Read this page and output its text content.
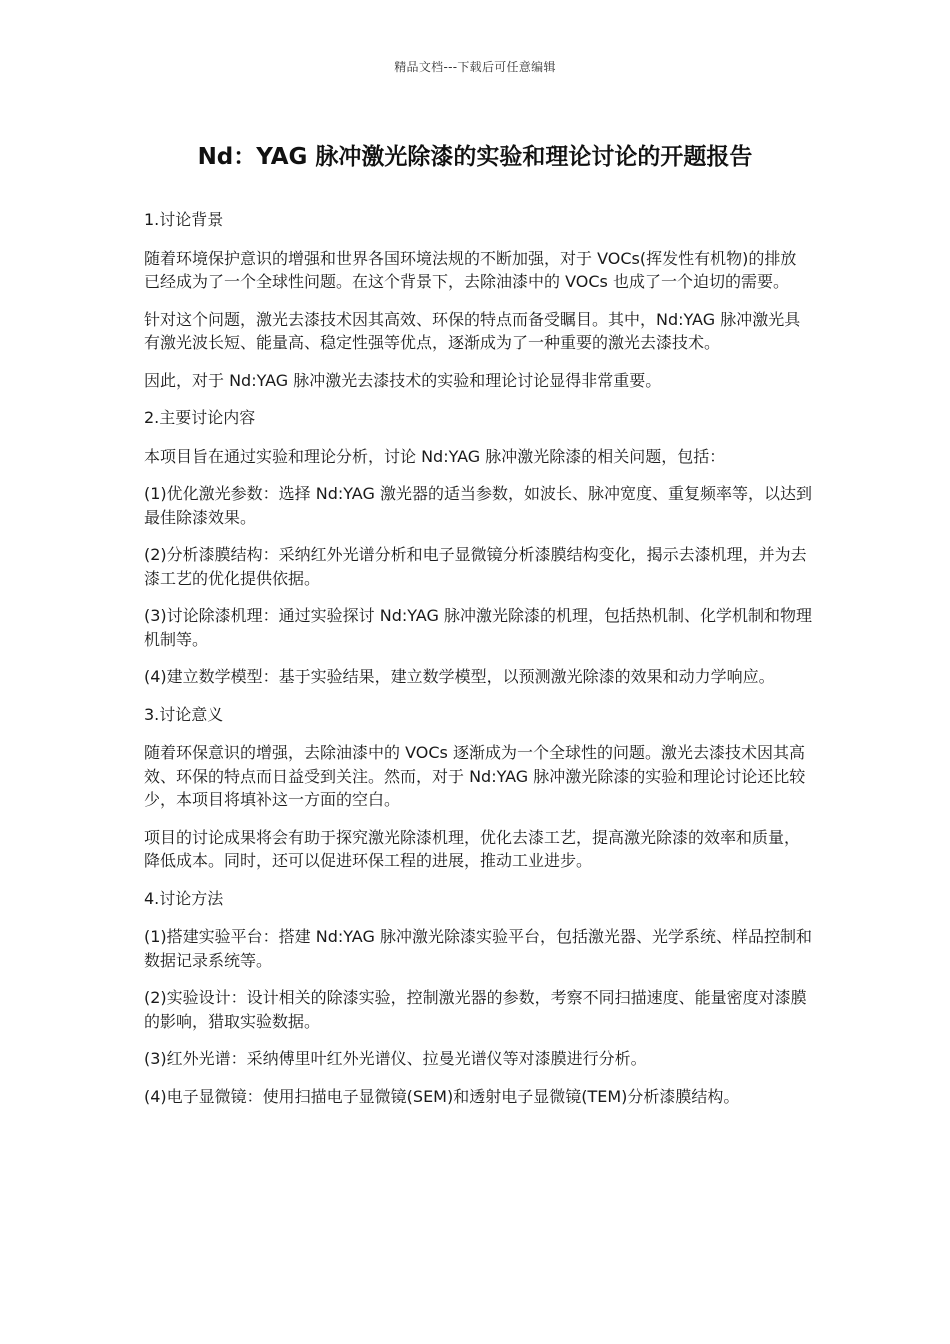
精品文档---下载后可任意编辑
Nd：YAG 脉冲激光除漆的实验和理论讨论的开题报告

1.讨论背景

随着环境保护意识的增强和世界各国环境法规的不断加强，对于 VOCs(挥发性有机物)的排放已经成为了一个全球性问题。在这个背景下，去除油漆中的 VOCs 也成了一个迫切的需要。

针对这个问题，激光去漆技术因其高效、环保的特点而备受瞩目。其中，Nd:YAG 脉冲激光具有激光波长短、能量高、稳定性强等优点，逐渐成为了一种重要的激光去漆技术。

因此，对于 Nd:YAG 脉冲激光去漆技术的实验和理论讨论显得非常重要。

2.主要讨论内容

本项目旨在通过实验和理论分析，讨论 Nd:YAG 脉冲激光除漆的相关问题，包括：

(1)优化激光参数：选择 Nd:YAG 激光器的适当参数，如波长、脉冲宽度、重复频率等，以达到最佳除漆效果。

(2)分析漆膜结构：采纳红外光谱分析和电子显微镜分析漆膜结构变化，揭示去漆机理，并为去漆工艺的优化提供依据。

(3)讨论除漆机理：通过实验探讨 Nd:YAG 脉冲激光除漆的机理，包括热机制、化学机制和物理机制等。

(4)建立数学模型：基于实验结果，建立数学模型，以预测激光除漆的效果和动力学响应。

3.讨论意义

随着环保意识的增强，去除油漆中的 VOCs 逐渐成为一个全球性的问题。激光去漆技术因其高效、环保的特点而日益受到关注。然而，对于 Nd:YAG 脉冲激光除漆的实验和理论讨论还比较少，本项目将填补这一方面的空白。

项目的讨论成果将会有助于探究激光除漆机理，优化去漆工艺，提高激光除漆的效率和质量，降低成本。同时，还可以促进环保工程的进展，推动工业进步。

4.讨论方法

(1)搭建实验平台：搭建 Nd:YAG 脉冲激光除漆实验平台，包括激光器、光学系统、样品控制和数据记录系统等。

(2)实验设计：设计相关的除漆实验，控制激光器的参数，考察不同扫描速度、能量密度对漆膜的影响，猎取实验数据。

(3)红外光谱：采纳傅里叶红外光谱仪、拉曼光谱仪等对漆膜进行分析。

(4)电子显微镜：使用扫描电子显微镜(SEM)和透射电子显微镜(TEM)分析漆膜结构。
